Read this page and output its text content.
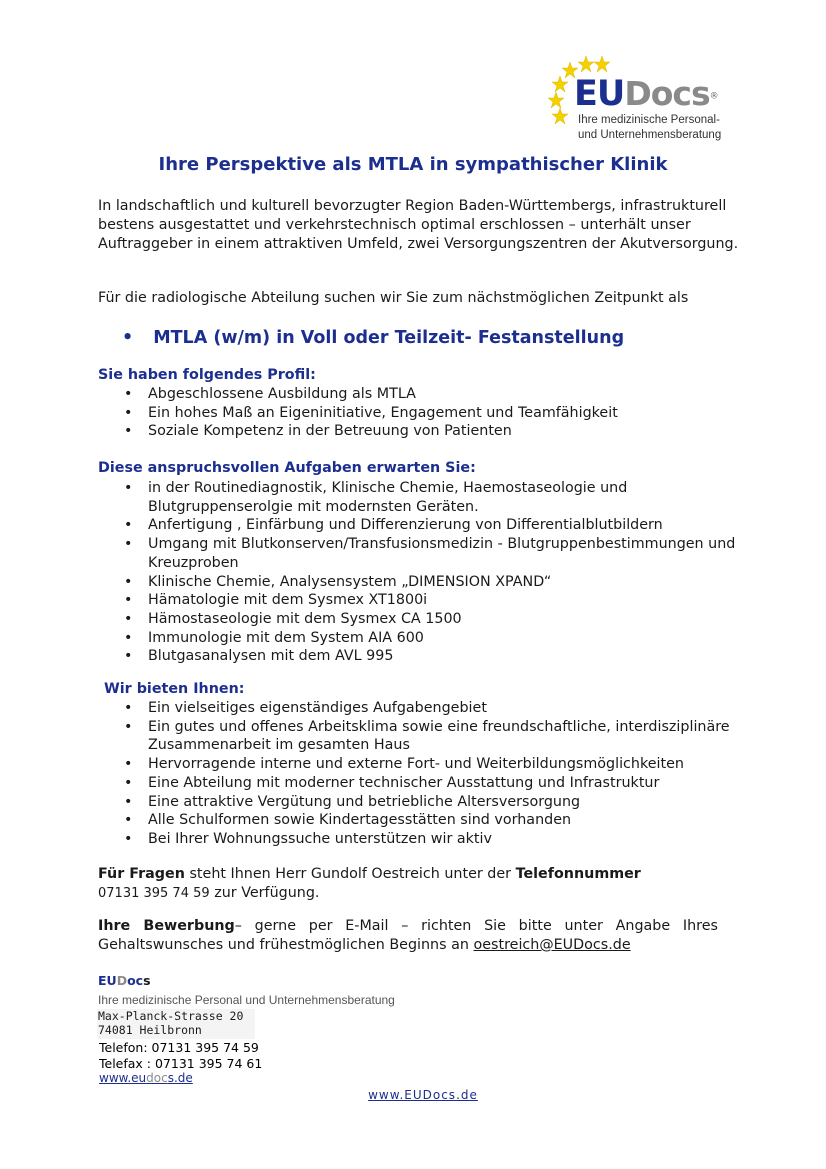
EUDocs®
Ihre medizinische Personal-
und Unternehmensberatung
Ihre Perspektive als MTLA in sympathischer Klinik
In landschaftlich und kulturell bevorzugter Region Baden-Württembergs, infrastrukturell bestens ausgestattet und verkehrstechnisch optimal erschlossen – unterhält unser Auftraggeber in einem attraktiven Umfeld, zwei Versorgungszentren der Akutversorgung.
Für die radiologische Abteilung suchen wir Sie zum nächstmöglichen Zeitpunkt als
• MTLA (w/m) in Voll oder Teilzeit- Festanstellung
Sie haben folgendes Profil:
• Abgeschlossene Ausbildung als MTLA
• Ein hohes Maß an Eigeninitiative, Engagement und Teamfähigkeit
• Soziale Kompetenz in der Betreuung von Patienten
Diese anspruchsvollen Aufgaben erwarten Sie:
• in der Routinediagnostik, Klinische Chemie, Haemostaseologie und Blutgruppenserolgie mit modernsten Geräten.
• Anfertigung , Einfärbung und Differenzierung von Differentialblutbildern
• Umgang mit Blutkonserven/Transfusionsmedizin - Blutgruppenbestimmungen und Kreuzproben
• Klinische Chemie, Analysensystem „DIMENSION XPAND“
• Hämatologie mit dem Sysmex XT1800i
• Hämostaseologie mit dem Sysmex CA 1500
• Immunologie mit dem System AIA 600
• Blutgasanalysen mit dem AVL 995
Wir bieten Ihnen:
• Ein vielseitiges eigenständiges Aufgabengebiet
• Ein gutes und offenes Arbeitsklima sowie eine freundschaftliche, interdisziplinäre Zusammenarbeit im gesamten Haus
• Hervorragende interne und externe Fort- und Weiterbildungsmöglichkeiten
• Eine Abteilung mit moderner technischer Ausstattung und Infrastruktur
• Eine attraktive Vergütung und betriebliche Altersversorgung
• Alle Schulformen sowie Kindertagesstätten sind vorhanden
• Bei Ihrer Wohnungssuche unterstützen wir aktiv
Für Fragen steht Ihnen Herr Gundolf Oestreich unter der Telefonnummer
07131 395 74 59 zur Verfügung.
Ihre Bewerbung– gerne per E-Mail – richten Sie bitte unter Angabe Ihres Gehaltswunsches und frühestmöglichen Beginns an oestreich@EUDocs.de
EUDocs
Ihre medizinische Personal und Unternehmensberatung
Max-Planck-Strasse 20
74081 Heilbronn
Telefon: 07131 395 74 59
Telefax : 07131 395 74 61
www.eudocs.de
www.EUDocs.de
